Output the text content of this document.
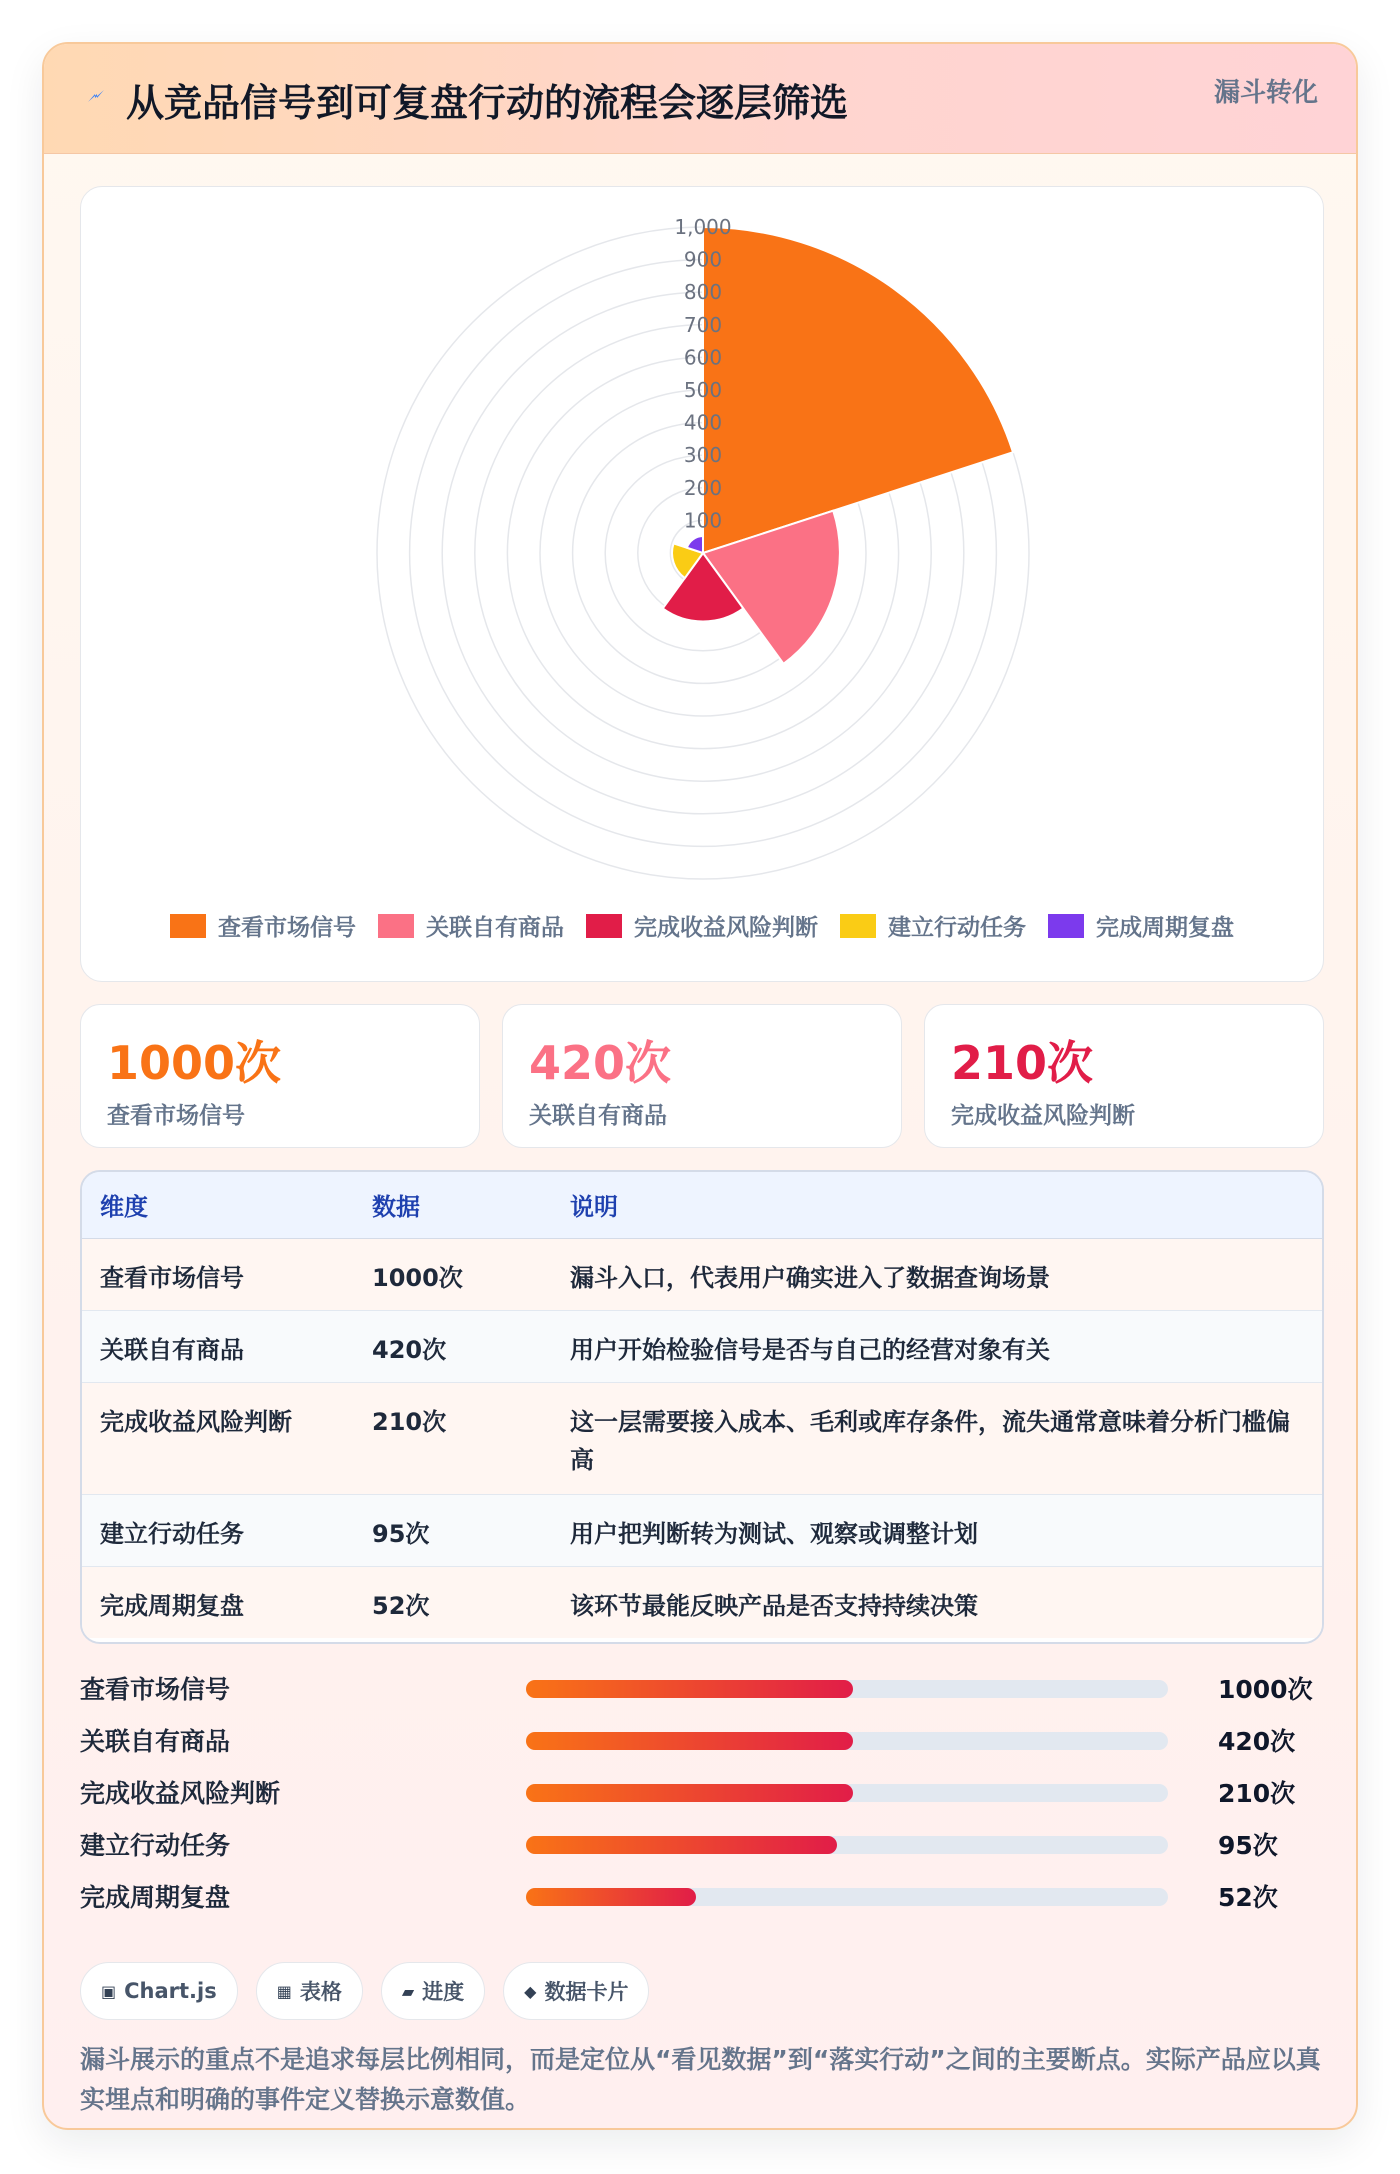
从竞品信号到可复盘行动的流程会逐层筛选	漏斗转化
100
200
300
400
500
600
700
800
900
1,000
查看市场信号	关联自有商品	完成收益风险判断	建立行动任务	完成周期复盘
1000次
查看市场信号
420次
关联自有商品
210次
完成收益风险判断
维度	数据	说明
查看市场信号	1000次	漏斗入口，代表用户确实进入了数据查询场景
关联自有商品	420次	用户开始检验信号是否与自己的经营对象有关
完成收益风险判断	210次	这一层需要接入成本、毛利或库存条件，流失通常意味着分析门槛偏高
建立行动任务	95次	用户把判断转为测试、观察或调整计划
完成周期复盘	52次	该环节最能反映产品是否支持持续决策
查看市场信号	1000次
关联自有商品	420次
完成收益风险判断	210次
建立行动任务	95次
完成周期复盘	52次
▣ Chart.js	▦ 表格	▰ 进度	◆ 数据卡片
漏斗展示的重点不是追求每层比例相同，而是定位从“看见数据”到“落实行动”之间的主要断点。实际产品应以真实埋点和明确的事件定义替换示意数值。
